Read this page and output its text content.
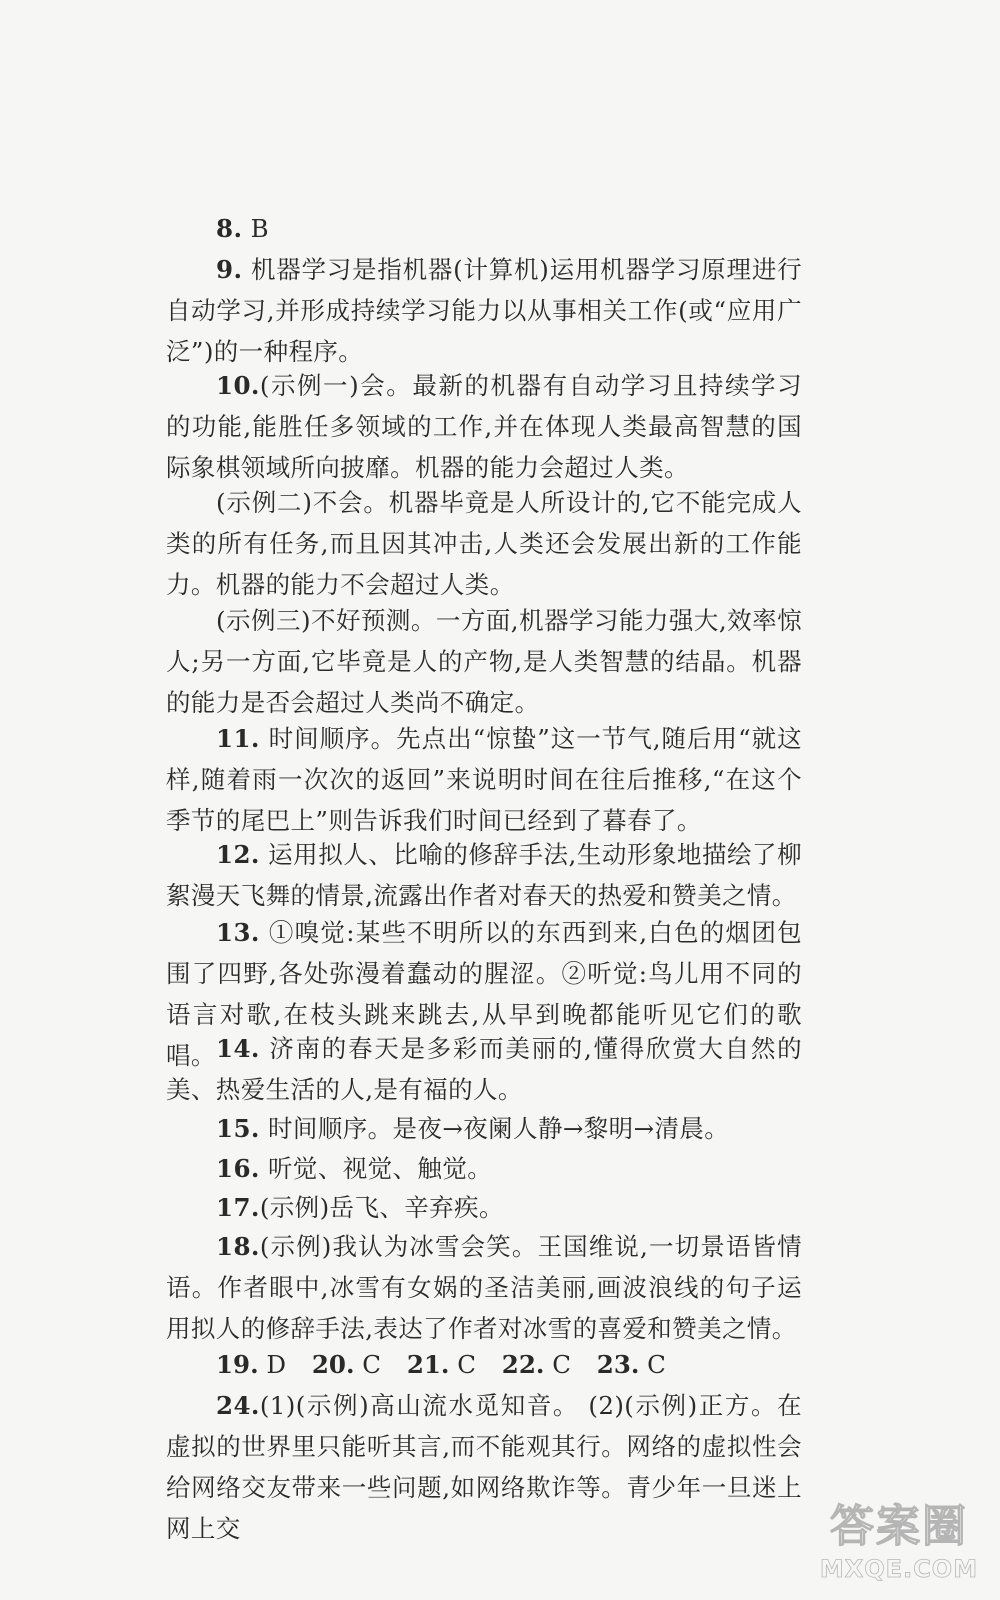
8. B

9. 机器学习是指机器(计算机)运用机器学习原理进行自动学习,并形成持续学习能力以从事相关工作(或“应用广泛”)的一种程序。

10.(示例一)会。最新的机器有自动学习且持续学习的功能,能胜任多领域的工作,并在体现人类最高智慧的国际象棋领域所向披靡。机器的能力会超过人类。

(示例二)不会。机器毕竟是人所设计的,它不能完成人类的所有任务,而且因其冲击,人类还会发展出新的工作能力。机器的能力不会超过人类。

(示例三)不好预测。一方面,机器学习能力强大,效率惊人;另一方面,它毕竟是人的产物,是人类智慧的结晶。机器的能力是否会超过人类尚不确定。

11. 时间顺序。先点出“惊蛰”这一节气,随后用“就这样,随着雨一次次的返回”来说明时间在往后推移,“在这个季节的尾巴上”则告诉我们时间已经到了暮春了。

12. 运用拟人、比喻的修辞手法,生动形象地描绘了柳絮漫天飞舞的情景,流露出作者对春天的热爱和赞美之情。

13. ①嗅觉:某些不明所以的东西到来,白色的烟团包围了四野,各处弥漫着蠢动的腥涩。②听觉:鸟儿用不同的语言对歌,在枝头跳来跳去,从早到晚都能听见它们的歌唱。 14. 济南的春天是多彩而美丽的,懂得欣赏大自然的美、热爱生活的人,是有福的人。

15. 时间顺序。是夜→夜阑人静→黎明→清晨。

16. 听觉、视觉、触觉。

17.(示例)岳飞、辛弃疾。

18.(示例)我认为冰雪会笑。王国维说,一切景语皆情语。作者眼中,冰雪有女娲的圣洁美丽,画波浪线的句子运用拟人的修辞手法,表达了作者对冰雪的喜爱和赞美之情。

19. D 20. C 21. C 22. C 23. C

24.(1)(示例)高山流水觅知音。 (2)(示例)正方。在虚拟的世界里只能听其言,而不能观其行。网络的虚拟性会给网络交友带来一些问题,如网络欺诈等。青少年一旦迷上网上交	答案圈
MXQE.COM
